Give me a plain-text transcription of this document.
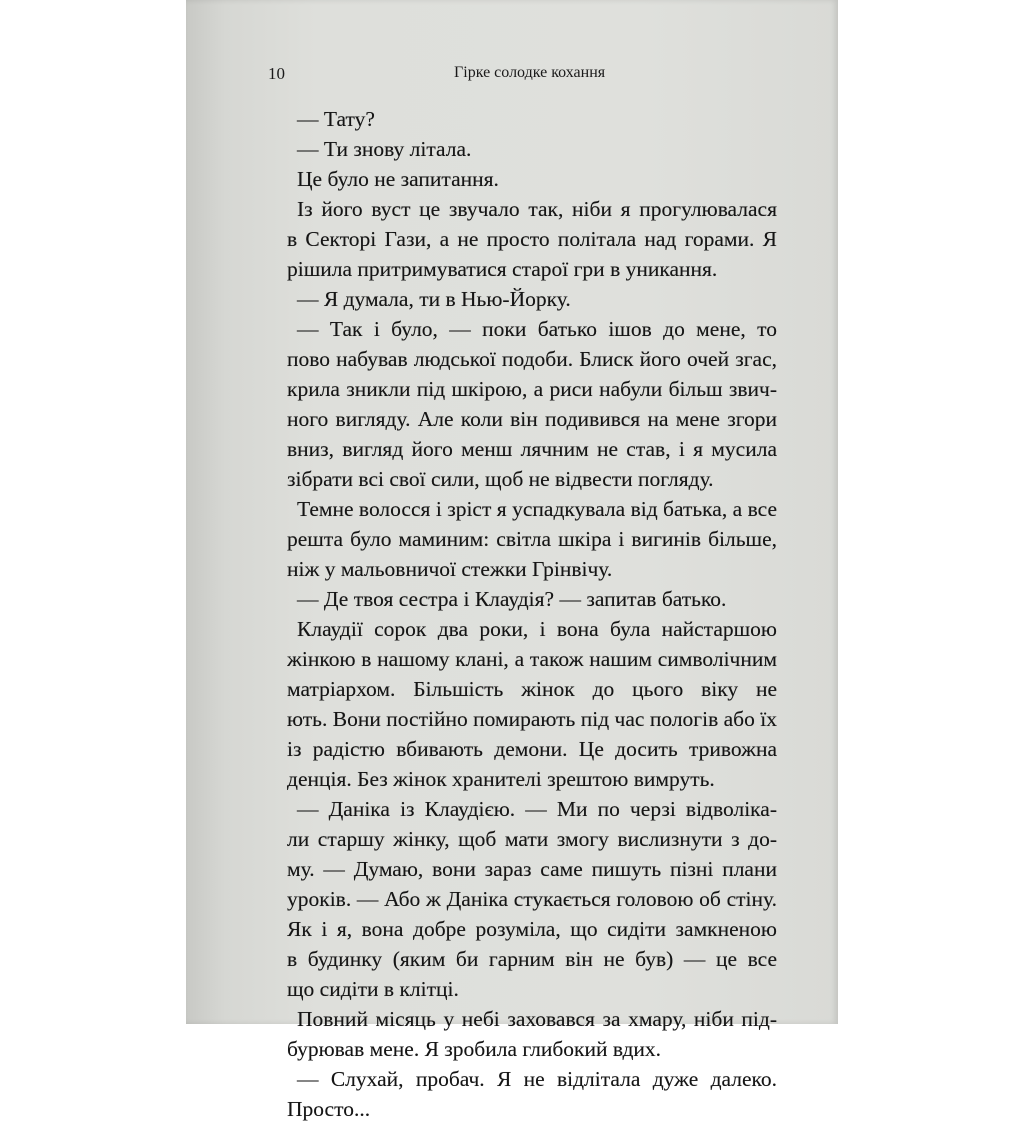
10	Гірке солодке кохання
— Тату?
— Ти знову літала.
Це було не запитання.
Із його вуст це звучало так, ніби я прогулювалася
в Секторі Гази, а не просто політала над горами. Я
рішила притримуватися старої гри в уникання.
— Я думала, ти в Нью-Йорку.
— Так і було, — поки батько ішов до мене, то
пово набував людської подоби. Блиск його очей згас,
крила зникли під шкірою, а риси набули більш звич-
ного вигляду. Але коли він подивився на мене згори
вниз, вигляд його менш лячним не став, і я мусила
зібрати всі свої сили, щоб не відвести погляду.
Темне волосся і зріст я успадкувала від батька, а все
решта було маминим: світла шкіра і вигинів більше,
ніж у мальовничої стежки Грінвічу.
— Де твоя сестра і Клаудія? — запитав батько.
Клаудії сорок два роки, і вона була найстаршою
жінкою в нашому клані, а також нашим символічним
матріархом. Більшість жінок до цього віку не
ють. Вони постійно помирають під час пологів або їх
із радістю вбивають демони. Це досить тривожна
денція. Без жінок хранителі зрештою вимруть.
— Даніка із Клаудією. — Ми по черзі відволіка-
ли старшу жінку, щоб мати змогу вислизнути з до-
му. — Думаю, вони зараз саме пишуть пізні плани
уроків. — Або ж Даніка стукається головою об стіну.
Як і я, вона добре розуміла, що сидіти замкненою
в будинку (яким би гарним він не був) — це все
що сидіти в клітці.
Повний місяць у небі заховався за хмару, ніби під-
бурював мене. Я зробила глибокий вдих.
— Слухай, пробач. Я не відлітала дуже далеко.
Просто...
